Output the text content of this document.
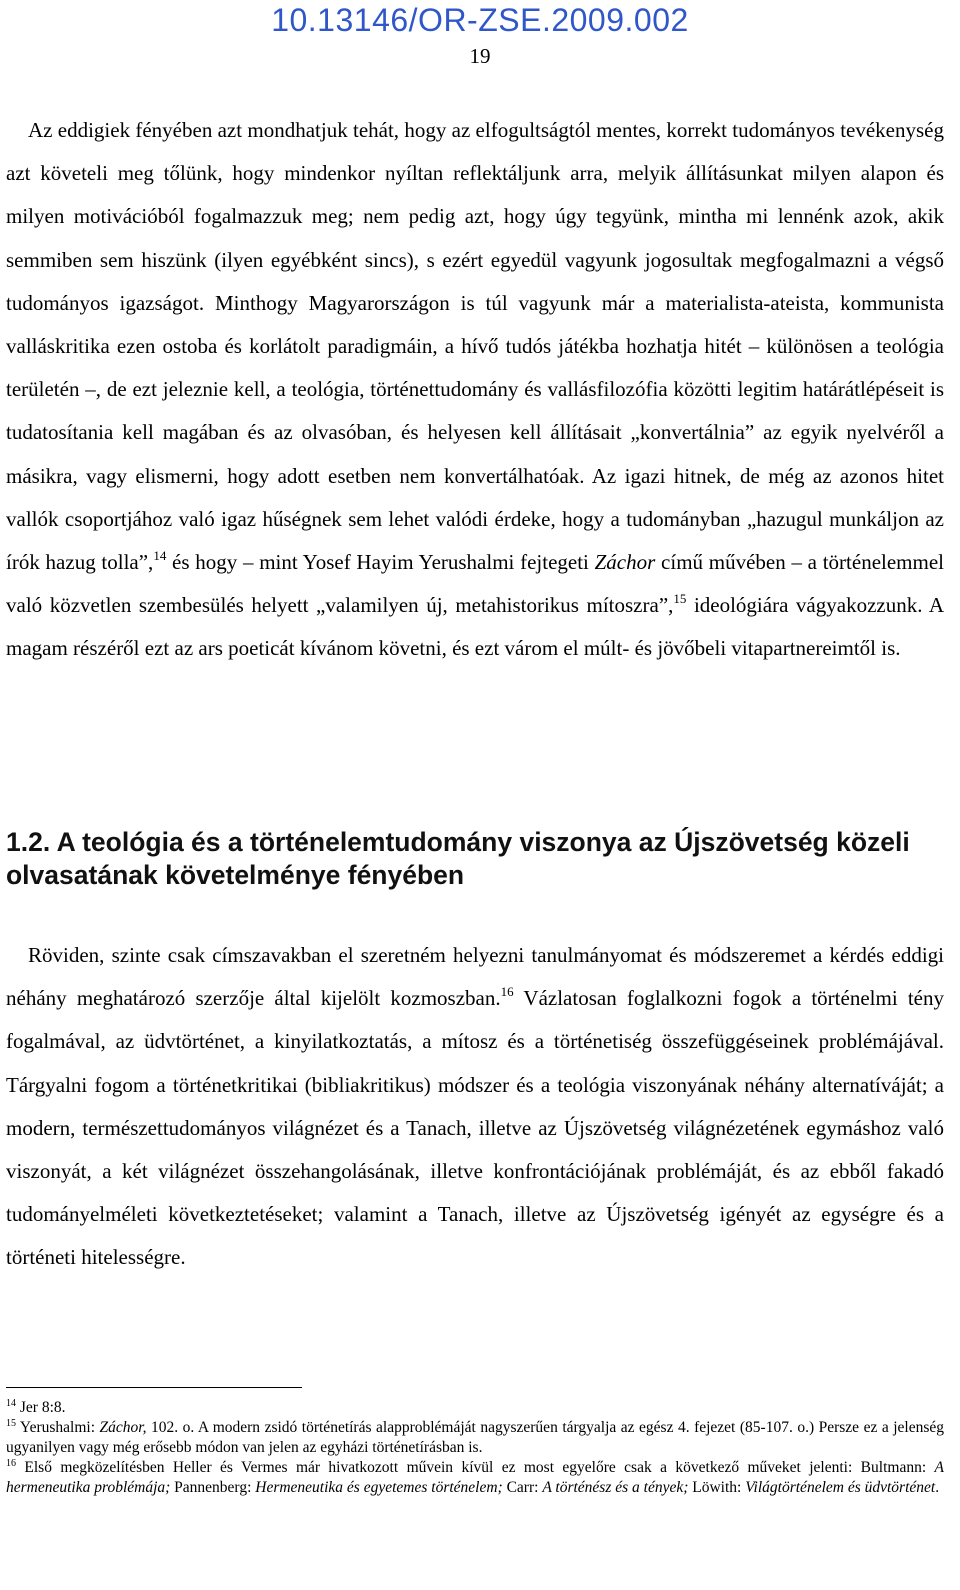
10.13146/OR-ZSE.2009.002
19
Az eddigiek fényében azt mondhatjuk tehát, hogy az elfogultságtól mentes, korrekt tudományos tevékenység azt követeli meg tőlünk, hogy mindenkor nyíltan reflektáljunk arra, melyik állításunkat milyen alapon és milyen motivációból fogalmazzuk meg; nem pedig azt, hogy úgy tegyünk, mintha mi lennénk azok, akik semmiben sem hiszünk (ilyen egyébként sincs), s ezért egyedül vagyunk jogosultak megfogalmazni a végső tudományos igazságot. Minthogy Magyarországon is túl vagyunk már a materialista-ateista, kommunista valláskritika ezen ostoba és korlátolt paradigmáin, a hívő tudós játékba hozhatja hitét – különösen a teológia területén –, de ezt jeleznie kell, a teológia, történettudomány és vallásfilozófia közötti legitim határátlépéseit is tudatosítania kell magában és az olvasóban, és helyesen kell állításait „konvertálnia” az egyik nyelvéről a másikra, vagy elismerni, hogy adott esetben nem konvertálhatóak. Az igazi hitnek, de még az azonos hitet vallók csoportjához való igaz hűségnek sem lehet valódi érdeke, hogy a tudományban „hazugul munkáljon az írók hazug tolla”,$^{14}$ és hogy – mint Yosef Hayim Yerushalmi fejtegeti Záchor című művében – a történelemmel való közvetlen szembesülés helyett „valamilyen új, metahistorikus mítoszra”,$^{15}$ ideológiára vágyakozzunk. A magam részéről ezt az ars poeticát kívánom követni, és ezt várom el múlt- és jövőbeli vitapartnereimtől is.
1.2. A teológia és a történelemtudomány viszonya az Újszövetség közeli olvasatának követelménye fényében
Röviden, szinte csak címszavakban el szeretném helyezni tanulmányomat és módszeremet a kérdés eddigi néhány meghatározó szerzője által kijelölt kozmoszban.$^{16}$ Vázlatosan foglalkozni fogok a történelmi tény fogalmával, az üdvtörténet, a kinyilatkoztatás, a mítosz és a történetiség összefüggéseinek problémájával. Tárgyalni fogom a történetkritikai (bibliakritikus) módszer és a teológia viszonyának néhány alternatíváját; a modern, természettudományos világnézet és a Tanach, illetve az Újszövetség világnézetének egymáshoz való viszonyát, a két világnézet összehangolásának, illetve konfrontációjának problémáját, és az ebből fakadó tudományelméleti következtetéseket; valamint a Tanach, illetve az Újszövetség igényét az egységre és a történeti hitelességre.

$^{14}$ Jer 8:8.

$^{15}$ Yerushalmi: Záchor, 102. o. A modern zsidó történetírás alapproblémáját nagyszerűen tárgyalja az egész 4. fejezet (85-107. o.) Persze ez a jelenség ugyanilyen vagy még erősebb módon van jelen az egyházi történetírásban is.

$^{16}$ Első megközelítésben Heller és Vermes már hivatkozott művein kívül ez most egyelőre csak a következő műveket jelenti: Bultmann: A hermeneutika problémája; Pannenberg: Hermeneutika és egyetemes történelem; Carr: A történész és a tények; Löwith: Világtörténelem és üdvtörténet.
